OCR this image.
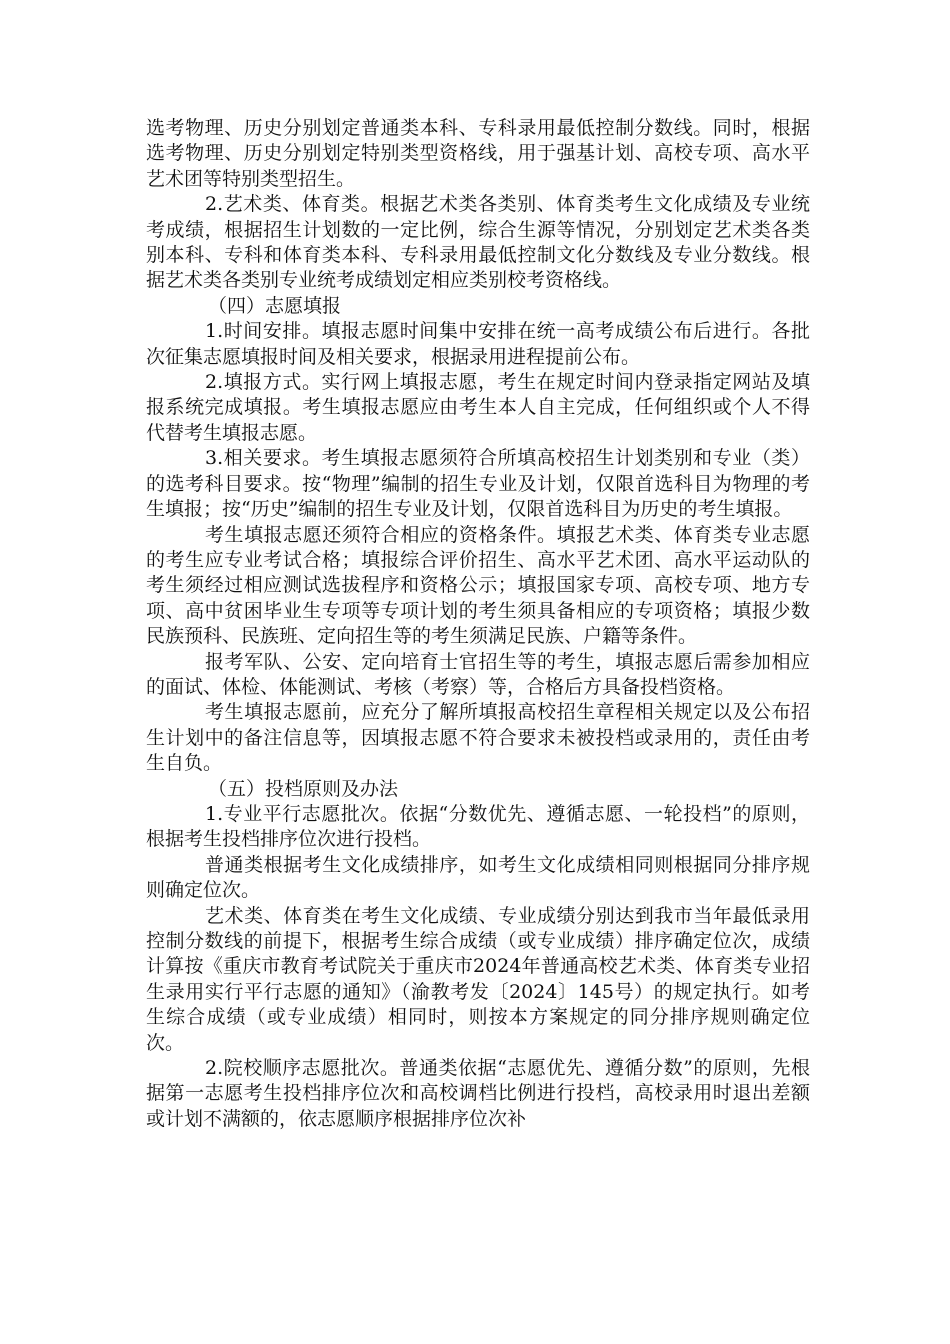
选考物理、历史分别划定普通类本科、专科录用最低控制分数线。同时，根据选考物理、历史分别划定特别类型资格线，用于强基计划、高校专项、高水平艺术团等特别类型招生。

2.艺术类、体育类。根据艺术类各类别、体育类考生文化成绩及专业统考成绩，根据招生计划数的一定比例，综合生源等情况，分别划定艺术类各类别本科、专科和体育类本科、专科录用最低控制文化分数线及专业分数线。根据艺术类各类别专业统考成绩划定相应类别校考资格线。

（四）志愿填报

1.时间安排。填报志愿时间集中安排在统一高考成绩公布后进行。各批次征集志愿填报时间及相关要求，根据录用进程提前公布。

2.填报方式。实行网上填报志愿，考生在规定时间内登录指定网站及填报系统完成填报。考生填报志愿应由考生本人自主完成，任何组织或个人不得代替考生填报志愿。

3.相关要求。考生填报志愿须符合所填高校招生计划类别和专业（类）的选考科目要求。按“物理”编制的招生专业及计划，仅限首选科目为物理的考生填报；按“历史”编制的招生专业及计划，仅限首选科目为历史的考生填报。

考生填报志愿还须符合相应的资格条件。填报艺术类、体育类专业志愿的考生应专业考试合格；填报综合评价招生、高水平艺术团、高水平运动队的考生须经过相应测试选拔程序和资格公示；填报国家专项、高校专项、地方专项、高中贫困毕业生专项等专项计划的考生须具备相应的专项资格；填报少数民族预科、民族班、定向招生等的考生须满足民族、户籍等条件。

报考军队、公安、定向培育士官招生等的考生，填报志愿后需参加相应的面试、体检、体能测试、考核（考察）等，合格后方具备投档资格。

考生填报志愿前，应充分了解所填报高校招生章程相关规定以及公布招生计划中的备注信息等，因填报志愿不符合要求未被投档或录用的，责任由考生自负。

（五）投档原则及办法

1.专业平行志愿批次。依据“分数优先、遵循志愿、一轮投档”的原则，根据考生投档排序位次进行投档。

普通类根据考生文化成绩排序，如考生文化成绩相同则根据同分排序规则确定位次。

艺术类、体育类在考生文化成绩、专业成绩分别达到我市当年最低录用控制分数线的前提下，根据考生综合成绩（或专业成绩）排序确定位次，成绩计算按《重庆市教育考试院关于重庆市2024年普通高校艺术类、体育类专业招生录用实行平行志愿的通知》（渝教考发〔2024〕145号）的规定执行。如考生综合成绩（或专业成绩）相同时，则按本方案规定的同分排序规则确定位次。

2.院校顺序志愿批次。普通类依据“志愿优先、遵循分数”的原则，先根据第一志愿考生投档排序位次和高校调档比例进行投档，高校录用时退出差额或计划不满额的，依志愿顺序根据排序位次补
